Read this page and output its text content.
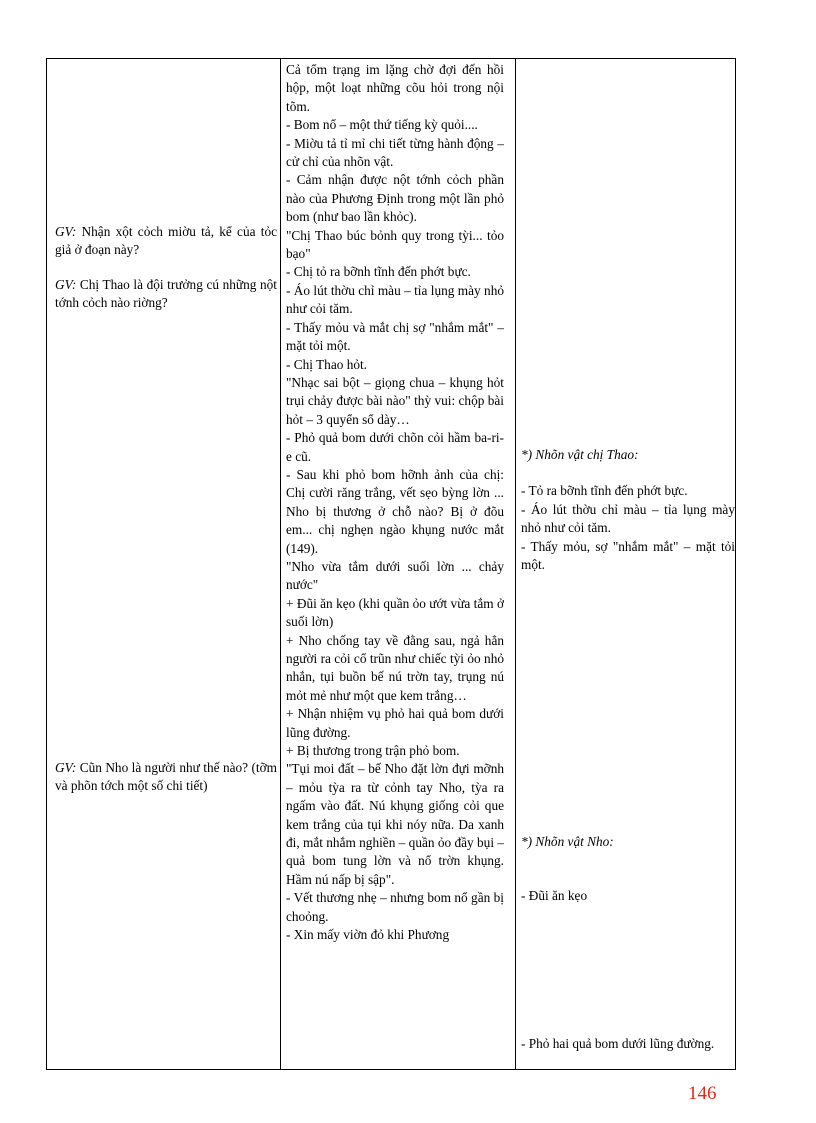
GV: Nhận xột cỏch miờu tả, kể của tỏc giả ở đoạn này?

GV: Chị Thao là đội trưởng cú những nột tớnh cỏch nào riờng?

GV: Cũn Nho là người như thế nào? (tỡm và phõn tớch một số chi tiết)

Cả tổm trạng im lặng chờ đợi đến hồi hộp, một loạt những cõu hỏi trong nội tõm.

- Bom nổ – một thứ tiếng kỳ quỏi....

- Miờu tả tỉ mỉ chi tiết từng hành động – cử chỉ của nhõn vật.

- Cảm nhận được nột tớnh cỏch phần nào của Phương Định trong một lần phỏ bom (như bao lần khỏc).

"Chị Thao búc bỏnh quy trong tỳi... tỏo bạo"

- Chị tỏ ra bỡnh tĩnh đến phớt bực.

- Áo lút thờu chỉ màu – tỉa lụng mày nhỏ như cỏi tăm.

- Thấy mỏu và mắt chị sợ "nhắm mắt" – mặt tỏi một.

- Chị Thao hỏt.

"Nhạc sai bột – giọng chua – khụng hỏt trụi chảy được bài nào" thỳ vui: chộp bài hỏt – 3 quyển sổ dày…

- Phỏ quả bom dưới chõn cỏi hầm ba-ri-e cũ.

- Sau khi phỏ bom hỡnh ảnh của chị: Chị cười răng trắng, vết sẹo bỳng lờn ... Nho bị thương ở chỗ nào? Bị ở đõu em... chị nghẹn ngào khụng nước mắt (149).

"Nho vừa tắm dưới suối lờn ... chảy nước"

+ Đũi ăn kẹo (khi quần ỏo ướt vừa tắm ở suối lờn)

+ Nho chống tay về đằng sau, ngả hẳn người ra cỏi cổ trũn như chiếc tỳi ỏo nhỏ nhắn, tụi buồn bế nú trờn tay, trụng nú mỏt mẻ như một que kem trắng…

+ Nhận nhiệm vụ phỏ hai quả bom dưới lũng đường.

+ Bị thương trong trận phỏ bom.

"Tụi moi đất – bế Nho đặt lờn đựi mỡnh – mỏu tỳa ra từ cỏnh tay Nho, tỳa ra ngấm vào đất. Nú khụng giống cỏi que kem trắng của tụi khi nóy nữa. Da xanh đi, mắt nhắm nghiền – quần ỏo đầy bụi – quả bom tung lờn và nổ trờn khụng. Hầm nú nấp bị sập".

- Vết thương nhẹ – nhưng bom nổ gần bị choỏng.

- Xin mấy viờn đỏ khi Phương

*) Nhõn vật chị Thao:

- Tỏ ra bỡnh tĩnh đến phớt bực.

- Áo lút thờu chỉ màu – tỉa lụng mày nhỏ như cỏi tăm.

- Thấy mỏu, sợ "nhắm mắt" – mặt tỏi một.

*) Nhõn vật Nho:

- Đũi ăn kẹo

- Phỏ hai quả bom dưới lũng đường.

146
